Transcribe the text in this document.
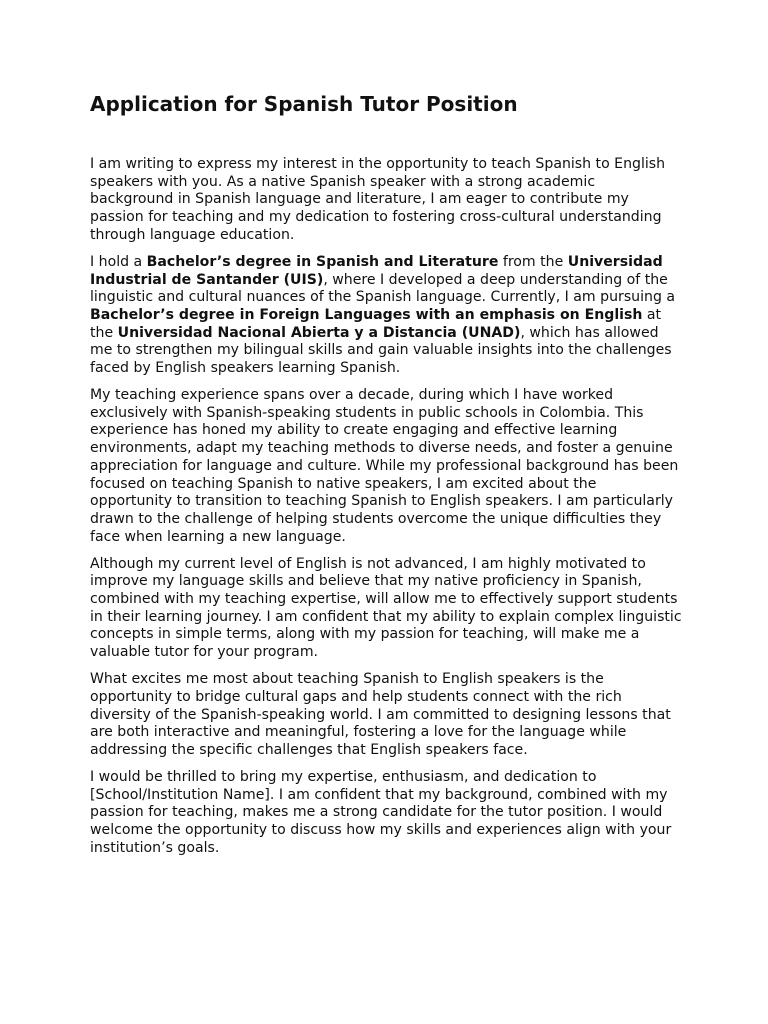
Application for Spanish Tutor Position

I am writing to express my interest in the opportunity to teach Spanish to English speakers with you. As a native Spanish speaker with a strong academic background in Spanish language and literature, I am eager to contribute my passion for teaching and my dedication to fostering cross-cultural understanding through language education.

I hold a Bachelor’s degree in Spanish and Literature from the Universidad Industrial de Santander (UIS), where I developed a deep understanding of the linguistic and cultural nuances of the Spanish language. Currently, I am pursuing a Bachelor’s degree in Foreign Languages with an emphasis on English at the Universidad Nacional Abierta y a Distancia (UNAD), which has allowed me to strengthen my bilingual skills and gain valuable insights into the challenges faced by English speakers learning Spanish.

My teaching experience spans over a decade, during which I have worked exclusively with Spanish-speaking students in public schools in Colombia. This experience has honed my ability to create engaging and effective learning environments, adapt my teaching methods to diverse needs, and foster a genuine appreciation for language and culture. While my professional background has been focused on teaching Spanish to native speakers, I am excited about the opportunity to transition to teaching Spanish to English speakers. I am particularly drawn to the challenge of helping students overcome the unique difficulties they face when learning a new language.

Although my current level of English is not advanced, I am highly motivated to improve my language skills and believe that my native proficiency in Spanish, combined with my teaching expertise, will allow me to effectively support students in their learning journey. I am confident that my ability to explain complex linguistic concepts in simple terms, along with my passion for teaching, will make me a valuable tutor for your program.

What excites me most about teaching Spanish to English speakers is the opportunity to bridge cultural gaps and help students connect with the rich diversity of the Spanish-speaking world. I am committed to designing lessons that are both interactive and meaningful, fostering a love for the language while addressing the specific challenges that English speakers face.

I would be thrilled to bring my expertise, enthusiasm, and dedication to [School/Institution Name]. I am confident that my background, combined with my passion for teaching, makes me a strong candidate for the tutor position. I would welcome the opportunity to discuss how my skills and experiences align with your institution’s goals.
